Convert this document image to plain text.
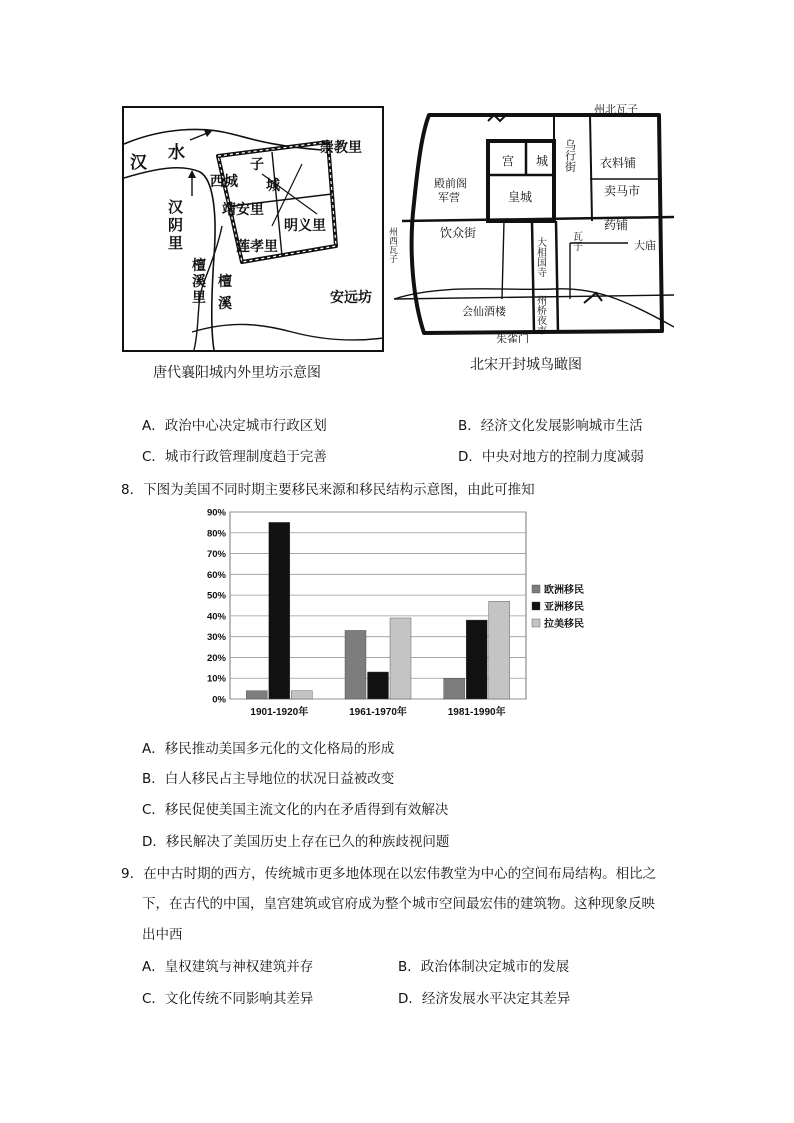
汉 水	崇教里
子
城
西城
汉
阴
里
靖安里
明义里
莲孝里
檀
溪
里
檀
溪	安远坊
唐代襄阳城内外里坊示意图
州北瓦子
宫 城 乌行街
殿前阁
军营
衣料铺
卖马市
皇城
药铺
饮众街	瓦子
大相国寺	大庙
州西瓦子
州桥夜市
会仙酒楼
朱雀门
北宋开封城鸟瞰图
A．政治中心决定城市行政区划	B．经济文化发展影响城市生活
C．城市行政管理制度趋于完善	D．中央对地方的控制力度减弱
8．下图为美国不同时期主要移民来源和移民结构示意图，由此可推知
90%
80%
70%
60%
50%
40%
30%
20%
10%
0%
1901-1920年	1961-1970年	1981-1990年
欧洲移民
亚洲移民
拉美移民
A．移民推动美国多元化的文化格局的形成
B．白人移民占主导地位的状况日益被改变
C．移民促使美国主流文化的内在矛盾得到有效解决
D．移民解决了美国历史上存在已久的种族歧视问题
9．在中古时期的西方，传统城市更多地体现在以宏伟教堂为中心的空间布局结构。相比之
下，在古代的中国，皇宫建筑或官府成为整个城市空间最宏伟的建筑物。这种现象反映
出中西
A．皇权建筑与神权建筑并存	B．政治体制决定城市的发展
C．文化传统不同影响其差异	D．经济发展水平决定其差异
